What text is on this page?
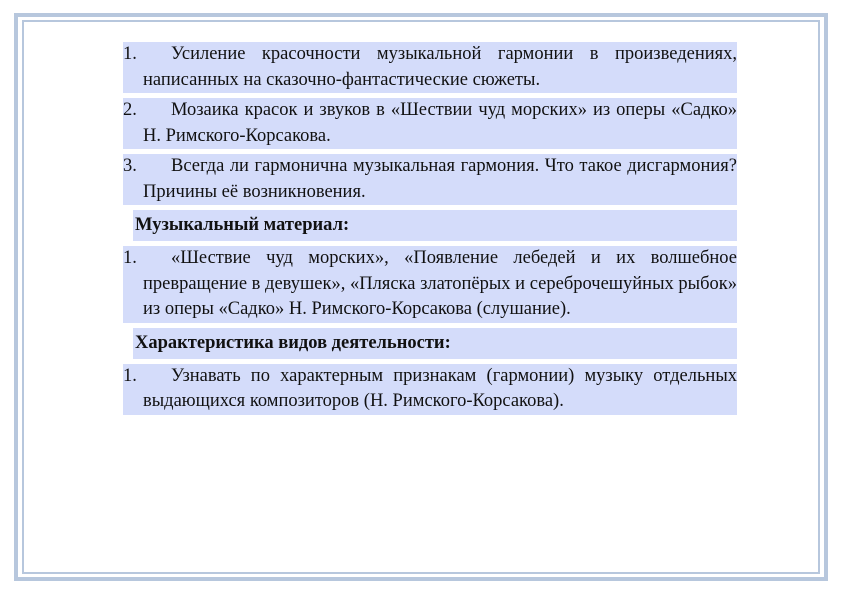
1. Усиление красочности музыкальной гармонии в произведениях, написанных на сказочно-фантастические сюжеты.
2. Мозаика красок и звуков в «Шествии чуд морских» из оперы «Садко» Н. Римского-Корсакова.
3. Всегда ли гармонична музыкальная гармония. Что такое дисгармония? Причины её возникновения.
Музыкальный материал:
1. «Шествие чуд морских», «Появление лебедей и их волшебное превращение в девушек», «Пляска златопёрых и сереброчешуйных рыбок» из оперы «Садко» Н. Римского-Корсакова (слушание).
Характеристика видов деятельности:
1. Узнавать по характерным признакам (гармонии) музыку отдельных выдающихся композиторов (Н. Римского-Корсакова).
